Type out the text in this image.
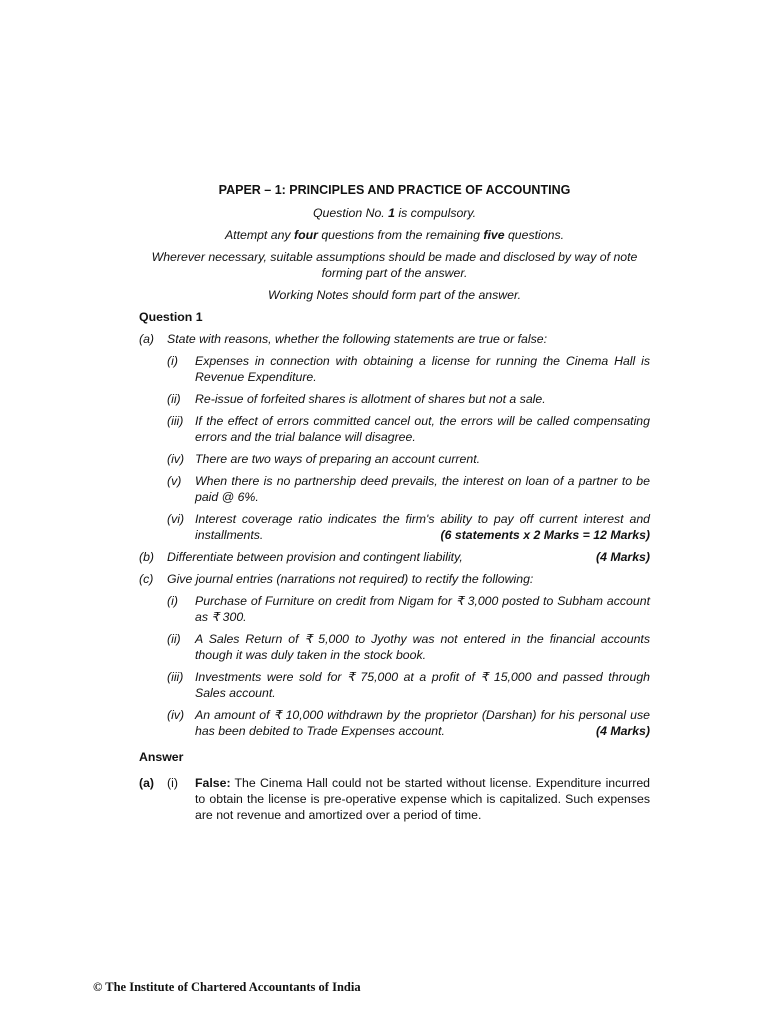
PAPER – 1: PRINCIPLES AND PRACTICE OF ACCOUNTING

Question No. 1 is compulsory.

Attempt any four questions from the remaining five questions.

Wherever necessary, suitable assumptions should be made and disclosed by way of note forming part of the answer.

Working Notes should form part of the answer.

Question 1

(a)	State with reasons, whether the following statements are true or false:
(i)	Expenses in connection with obtaining a license for running the Cinema Hall is Revenue Expenditure.
(ii)	Re-issue of forfeited shares is allotment of shares but not a sale.
(iii) If the effect of errors committed cancel out, the errors will be called compensating errors and the trial balance will disagree.
(iv) There are two ways of preparing an account current.
(v)	When there is no partnership deed prevails, the interest on loan of a partner to be paid @ 6%.
(vi) Interest coverage ratio indicates the firm's ability to pay off current interest and installments.	(6 statements x 2 Marks = 12 Marks)
(b)	Differentiate between provision and contingent liability,	(4 Marks)
(c)	Give journal entries (narrations not required) to rectify the following:
(i)	Purchase of Furniture on credit from Nigam for ₹ 3,000 posted to Subham account as ₹ 300.
(ii)	A Sales Return of ₹ 5,000 to Jyothy was not entered in the financial accounts though it was duly taken in the stock book.
(iii) Investments were sold for ₹ 75,000 at a profit of ₹ 15,000 and passed through Sales account.
(iv) An amount of ₹ 10,000 withdrawn by the proprietor (Darshan) for his personal use has been debited to Trade Expenses account.	(4 Marks)

Answer

(a)	(i)	False: The Cinema Hall could not be started without license. Expenditure incurred to obtain the license is pre-operative expense which is capitalized. Such expenses are not revenue and amortized over a period of time.
© The Institute of Chartered Accountants of India
